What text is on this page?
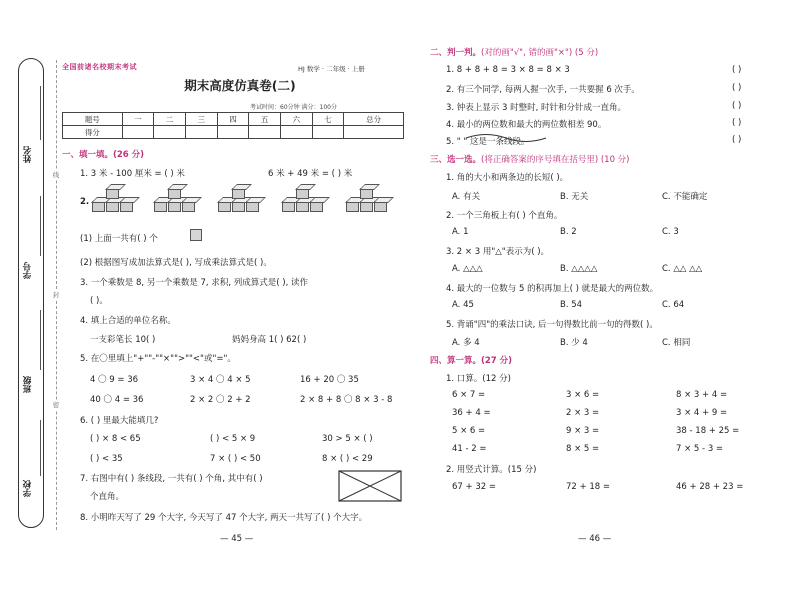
姓名
学号
班级
学校
线
封
密
全国前诸名校期末考试	HJ 数学 · 二年级 · 上册
期末高度仿真卷(二)
考试时间：60分钟 满分：100分
题号	一	二	三	四	五	六	七	总分
得分								
一、填一填。(26 分)
1. 3 米 - 100 厘米 = ( ) 米	6 米 + 49 米 = ( ) 米
2.
(1) 上面一共有( ) 个
(2) 根据图写成加法算式是( ), 写成乘法算式是( )。
3. 一个乘数是 8, 另一个乘数是 7, 求积, 列成算式是( ), 读作
( )。
4. 填上合适的单位名称。
一支彩笔长 10( )	妈妈身高 1( ) 62( )
5. 在〇里填上"+""-""×"">""<"或"="。
4 〇 9 = 36	3 × 4 〇 4 × 5	16 + 20 〇 35
40 〇 4 = 36	2 × 2 〇 2 + 2	2 × 8 + 8 〇 8 × 3 - 8
6. ( ) 里最大能填几?
( ) × 8 < 65	( ) < 5 × 9	30 > 5 × ( )
( ) < 35	7 × ( ) < 50	8 × ( ) < 29
7. 右图中有( ) 条线段, 一共有( ) 个角, 其中有( )
个直角。
8. 小明昨天写了 29 个大字, 今天写了 47 个大字, 两天一共写了( ) 个大字。
— 45 —
二、判一判。(对的画"√", 错的画"×") (5 分)
1. 8 + 8 + 8 = 3 × 8 = 8 × 3	( )
2. 有三个同学, 每两人握一次手, 一共要握 6 次手。	( )
3. 钟表上显示 3 时整时, 时针和分针成一直角。	( )
4. 最小的两位数和最大的两位数相差 90。	( )
5. " " 这是一条线段。	( )
三、选一选。(将正确答案的序号填在括号里) (10 分)
1. 角的大小和两条边的长短( )。
A. 有关	B. 无关	C. 不能确定
2. 一个三角板上有( ) 个直角。
A. 1	B. 2	C. 3
3. 2 × 3 用"△"表示为( )。
A. △△△	B. △△△△	C. △△ △△
4. 最大的一位数与 5 的积再加上( ) 就是最大的两位数。
A. 45	B. 54	C. 64
5. 背诵"四"的乘法口诀, 后一句得数比前一句的得数( )。
A. 多 4	B. 少 4	C. 相同
四、算一算。(27 分)
1. 口算。(12 分)
6 × 7 =	3 × 6 =	8 × 3 + 4 =
36 + 4 =	2 × 3 =	3 × 4 + 9 =
5 × 6 =	9 × 3 =	38 - 18 + 25 =
41 - 2 =	8 × 5 =	7 × 5 - 3 =
2. 用竖式计算。(15 分)
67 + 32 =	72 + 18 =	46 + 28 + 23 =
— 46 —
